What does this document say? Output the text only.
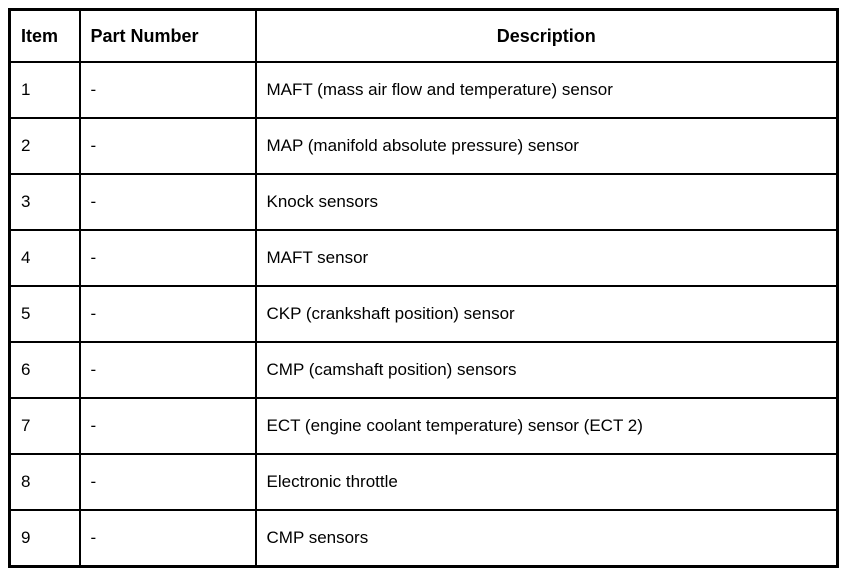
Item	Part Number	Description
1	-	MAFT (mass air flow and temperature) sensor
2	-	MAP (manifold absolute pressure) sensor
3	-	Knock sensors
4	-	MAFT sensor
5	-	CKP (crankshaft position) sensor
6	-	CMP (camshaft position) sensors
7	-	ECT (engine coolant temperature) sensor (ECT 2)
8	-	Electronic throttle
9	-	CMP sensors
